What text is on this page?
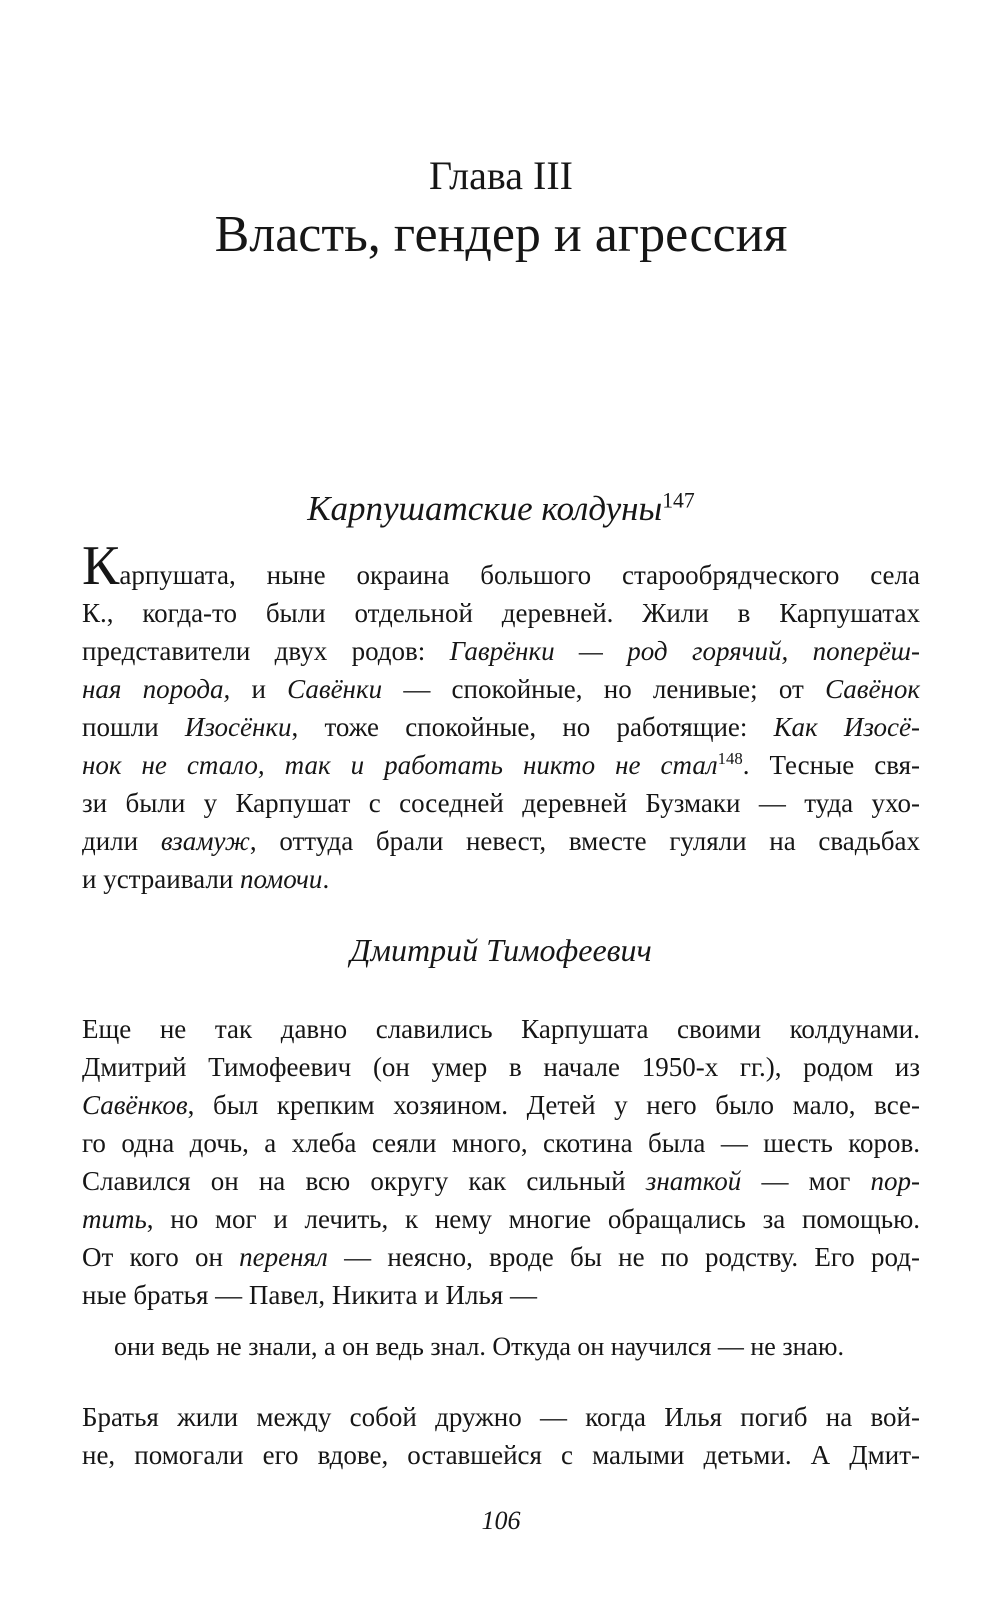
Глава III
Власть, гендер и агрессия
Карпушатские колдуны$^{147}$
Карпушата, ныне окраина большого старообрядческого села
К., когда-то были отдельной деревней. Жили в Карпушатах
представители двух родов: Гаврёнки — род горячий, поперёш-
ная порода, и Савёнки — спокойные, но ленивые; от Савёнок
пошли Изосёнки, тоже спокойные, но работящие: Как Изосё-
нок не стало, так и работать никто не стал$^{148}$. Тесные свя-
зи были у Карпушат с соседней деревней Бузмаки — туда ухо-
дили взамуж, оттуда брали невест, вместе гуляли на свадьбах
и устраивали помочи.
Дмитрий Тимофеевич
Еще не так давно славились Карпушата своими колдунами.
Дмитрий Тимофеевич (он умер в начале 1950-х гг.), родом из
Савёнков, был крепким хозяином. Детей у него было мало, все-
го одна дочь, а хлеба сеяли много, скотина была — шесть коров.
Славился он на всю округу как сильный знаткой — мог пор-
тить, но мог и лечить, к нему многие обращались за помощью.
От кого он перенял — неясно, вроде бы не по родству. Его род-
ные братья — Павел, Никита и Илья —
они ведь не знали, а он ведь знал. Откуда он научился — не знаю.
Братья жили между собой дружно — когда Илья погиб на вой-
не, помогали его вдове, оставшейся с малыми детьми. А Дмит-
106
